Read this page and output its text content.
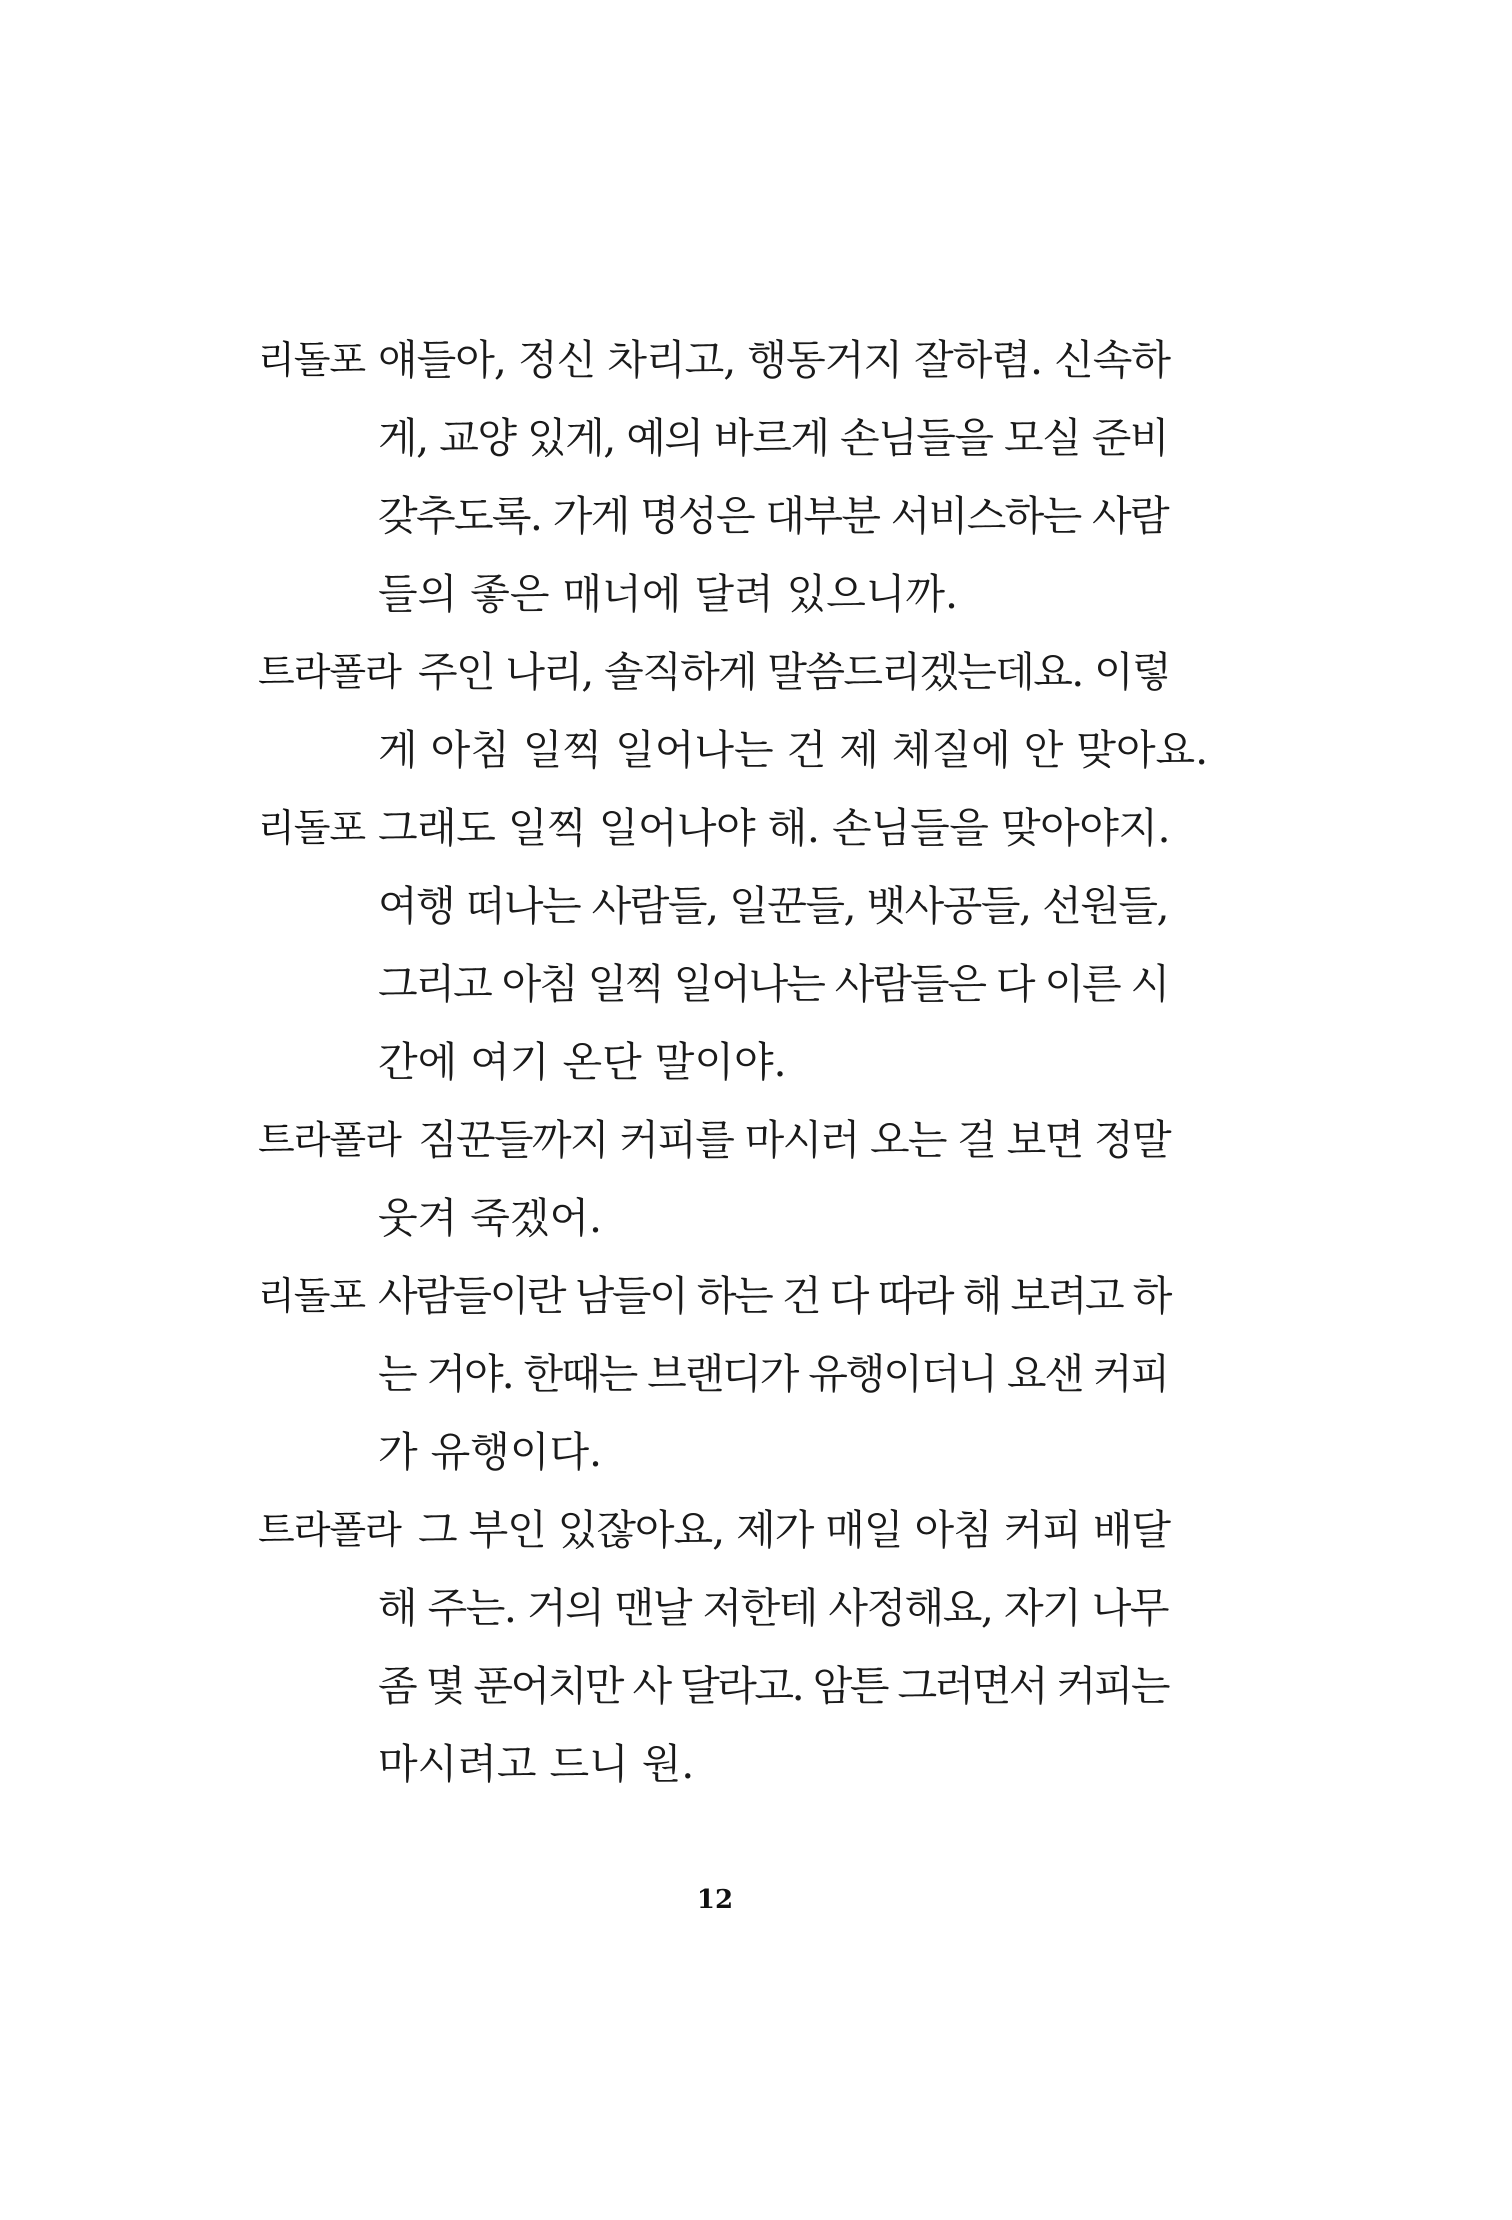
리돌포 얘들아, 정신 차리고, 행동거지 잘하렴. 신속하
게, 교양 있게, 예의 바르게 손님들을 모실 준비
갖추도록. 가게 명성은 대부분 서비스하는 사람
들의 좋은 매너에 달려 있으니까.
트라폴라 주인 나리, 솔직하게 말씀드리겠는데요. 이렇
게 아침 일찍 일어나는 건 제 체질에 안 맞아요.
리돌포 그래도 일찍 일어나야 해. 손님들을 맞아야지.
여행 떠나는 사람들, 일꾼들, 뱃사공들, 선원들,
그리고 아침 일찍 일어나는 사람들은 다 이른 시
간에 여기 온단 말이야.
트라폴라 짐꾼들까지 커피를 마시러 오는 걸 보면 정말
웃겨 죽겠어.
리돌포 사람들이란 남들이 하는 건 다 따라 해 보려고 하
는 거야. 한때는 브랜디가 유행이더니 요샌 커피
가 유행이다.
트라폴라 그 부인 있잖아요, 제가 매일 아침 커피 배달
해 주는. 거의 맨날 저한테 사정해요, 자기 나무
좀 몇 푼어치만 사 달라고. 암튼 그러면서 커피는
마시려고 드니 원.
12
